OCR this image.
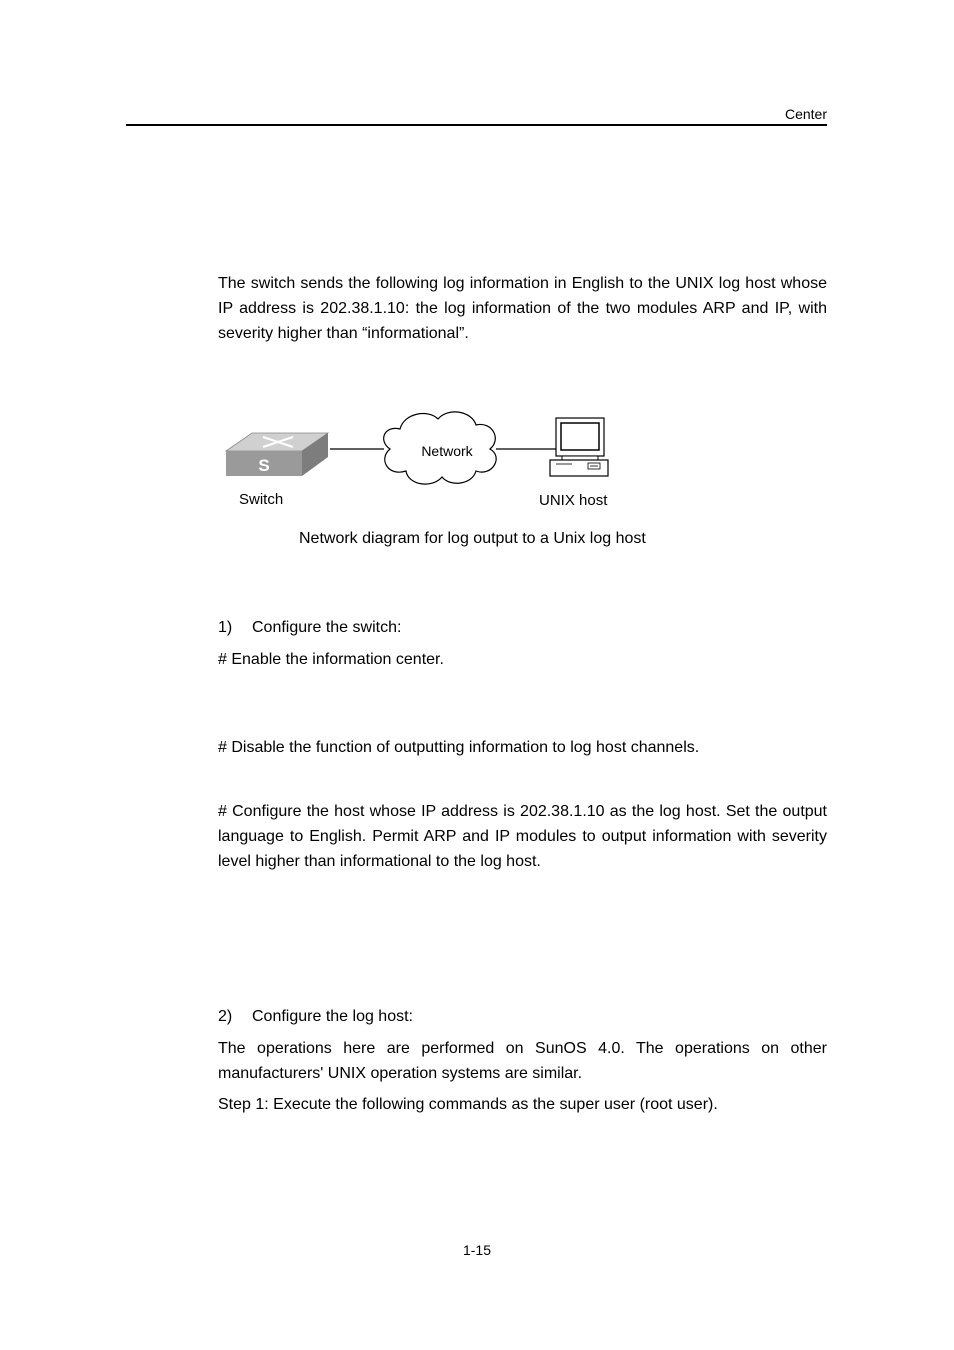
Center
The switch sends the following log information in English to the UNIX log host whose IP address is 202.38.1.10: the log information of the two modules ARP and IP, with severity higher than “informational”.
S
Network
Switch	UNIX host
Network diagram for log output to a Unix log host
1) Configure the switch:
# Enable the information center.
# Disable the function of outputting information to log host channels.
# Configure the host whose IP address is 202.38.1.10 as the log host. Set the output language to English. Permit ARP and IP modules to output information with severity level higher than informational to the log host.
2) Configure the log host:
The operations here are performed on SunOS 4.0. The operations on other manufacturers' UNIX operation systems are similar.
Step 1: Execute the following commands as the super user (root user).
1-15
